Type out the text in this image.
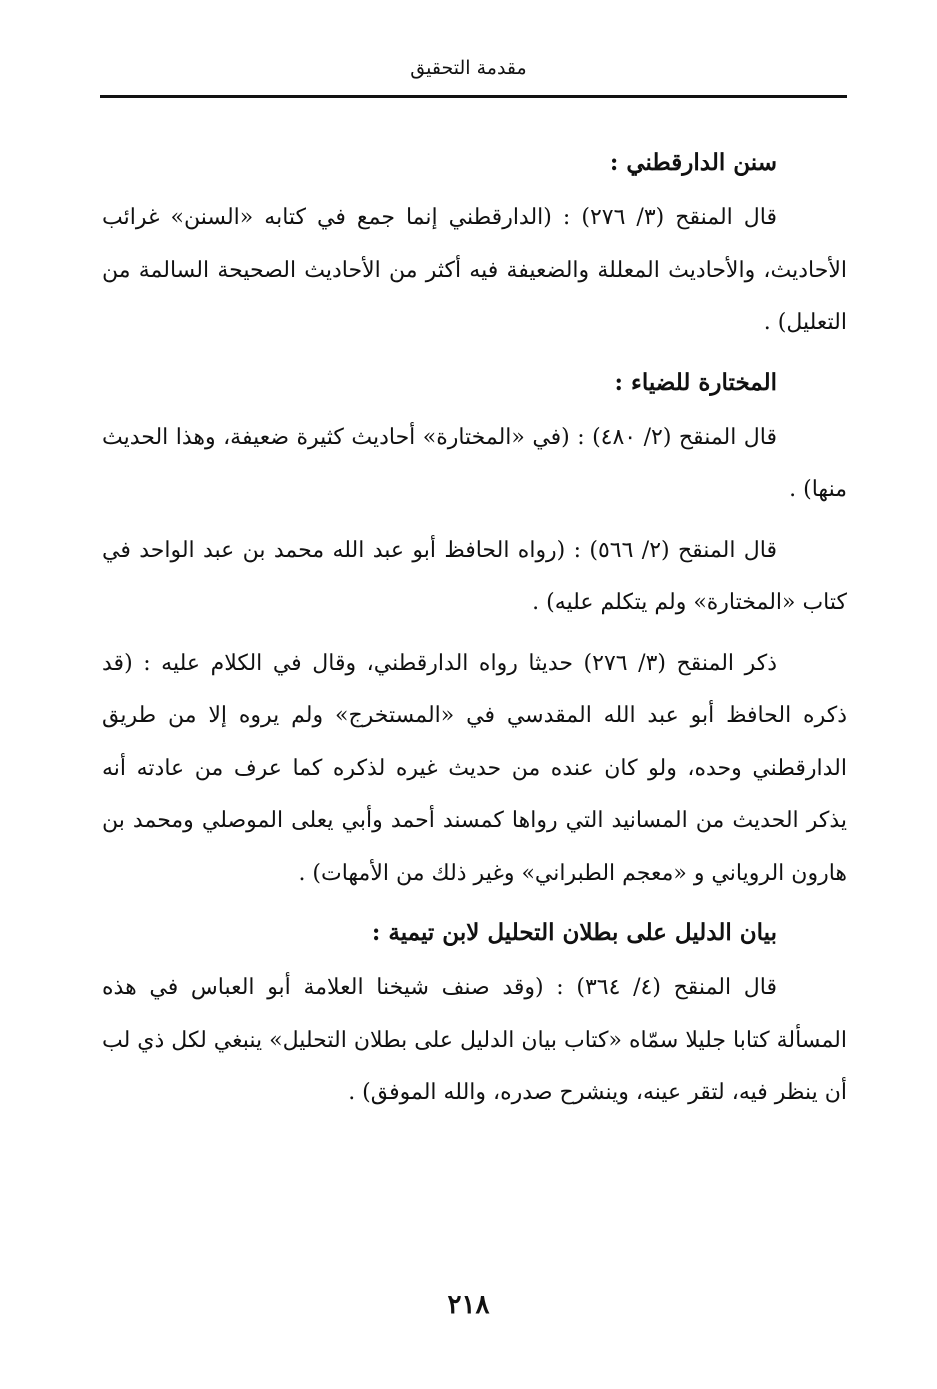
مقدمة التحقيق
سنن الدارقطني :

قال المنقح (٣/ ٢٧٦) : (الدارقطني إنما جمع في كتابه «السنن» غرائب الأحاديث، والأحاديث المعللة والضعيفة فيه أكثر من الأحاديث الصحيحة السالمة من التعليل) .

المختارة للضياء :

قال المنقح (٢/ ٤٨٠) : (في «المختارة» أحاديث كثيرة ضعيفة، وهذا الحديث منها) .

قال المنقح (٢/ ٥٦٦) : (رواه الحافظ أبو عبد الله محمد بن عبد الواحد في كتاب «المختارة» ولم يتكلم عليه) .

ذكر المنقح (٣/ ٢٧٦) حديثا رواه الدارقطني، وقال في الكلام عليه : (قد ذكره الحافظ أبو عبد الله المقدسي في «المستخرج» ولم يروه إلا من طريق الدارقطني وحده، ولو كان عنده من حديث غيره لذكره كما عرف من عادته أنه يذكر الحديث من المسانيد التي رواها كمسند أحمد وأبي يعلى الموصلي ومحمد بن هارون الروياني و «معجم الطبراني» وغير ذلك من الأمهات) .

بيان الدليل على بطلان التحليل لابن تيمية :

قال المنقح (٤/ ٣٦٤) : (وقد صنف شيخنا العلامة أبو العباس في هذه المسألة كتابا جليلا سمّاه «كتاب بيان الدليل على بطلان التحليل» ينبغي لكل ذي لب أن ينظر فيه، لتقر عينه، وينشرح صدره، والله الموفق) .

٢١٨
